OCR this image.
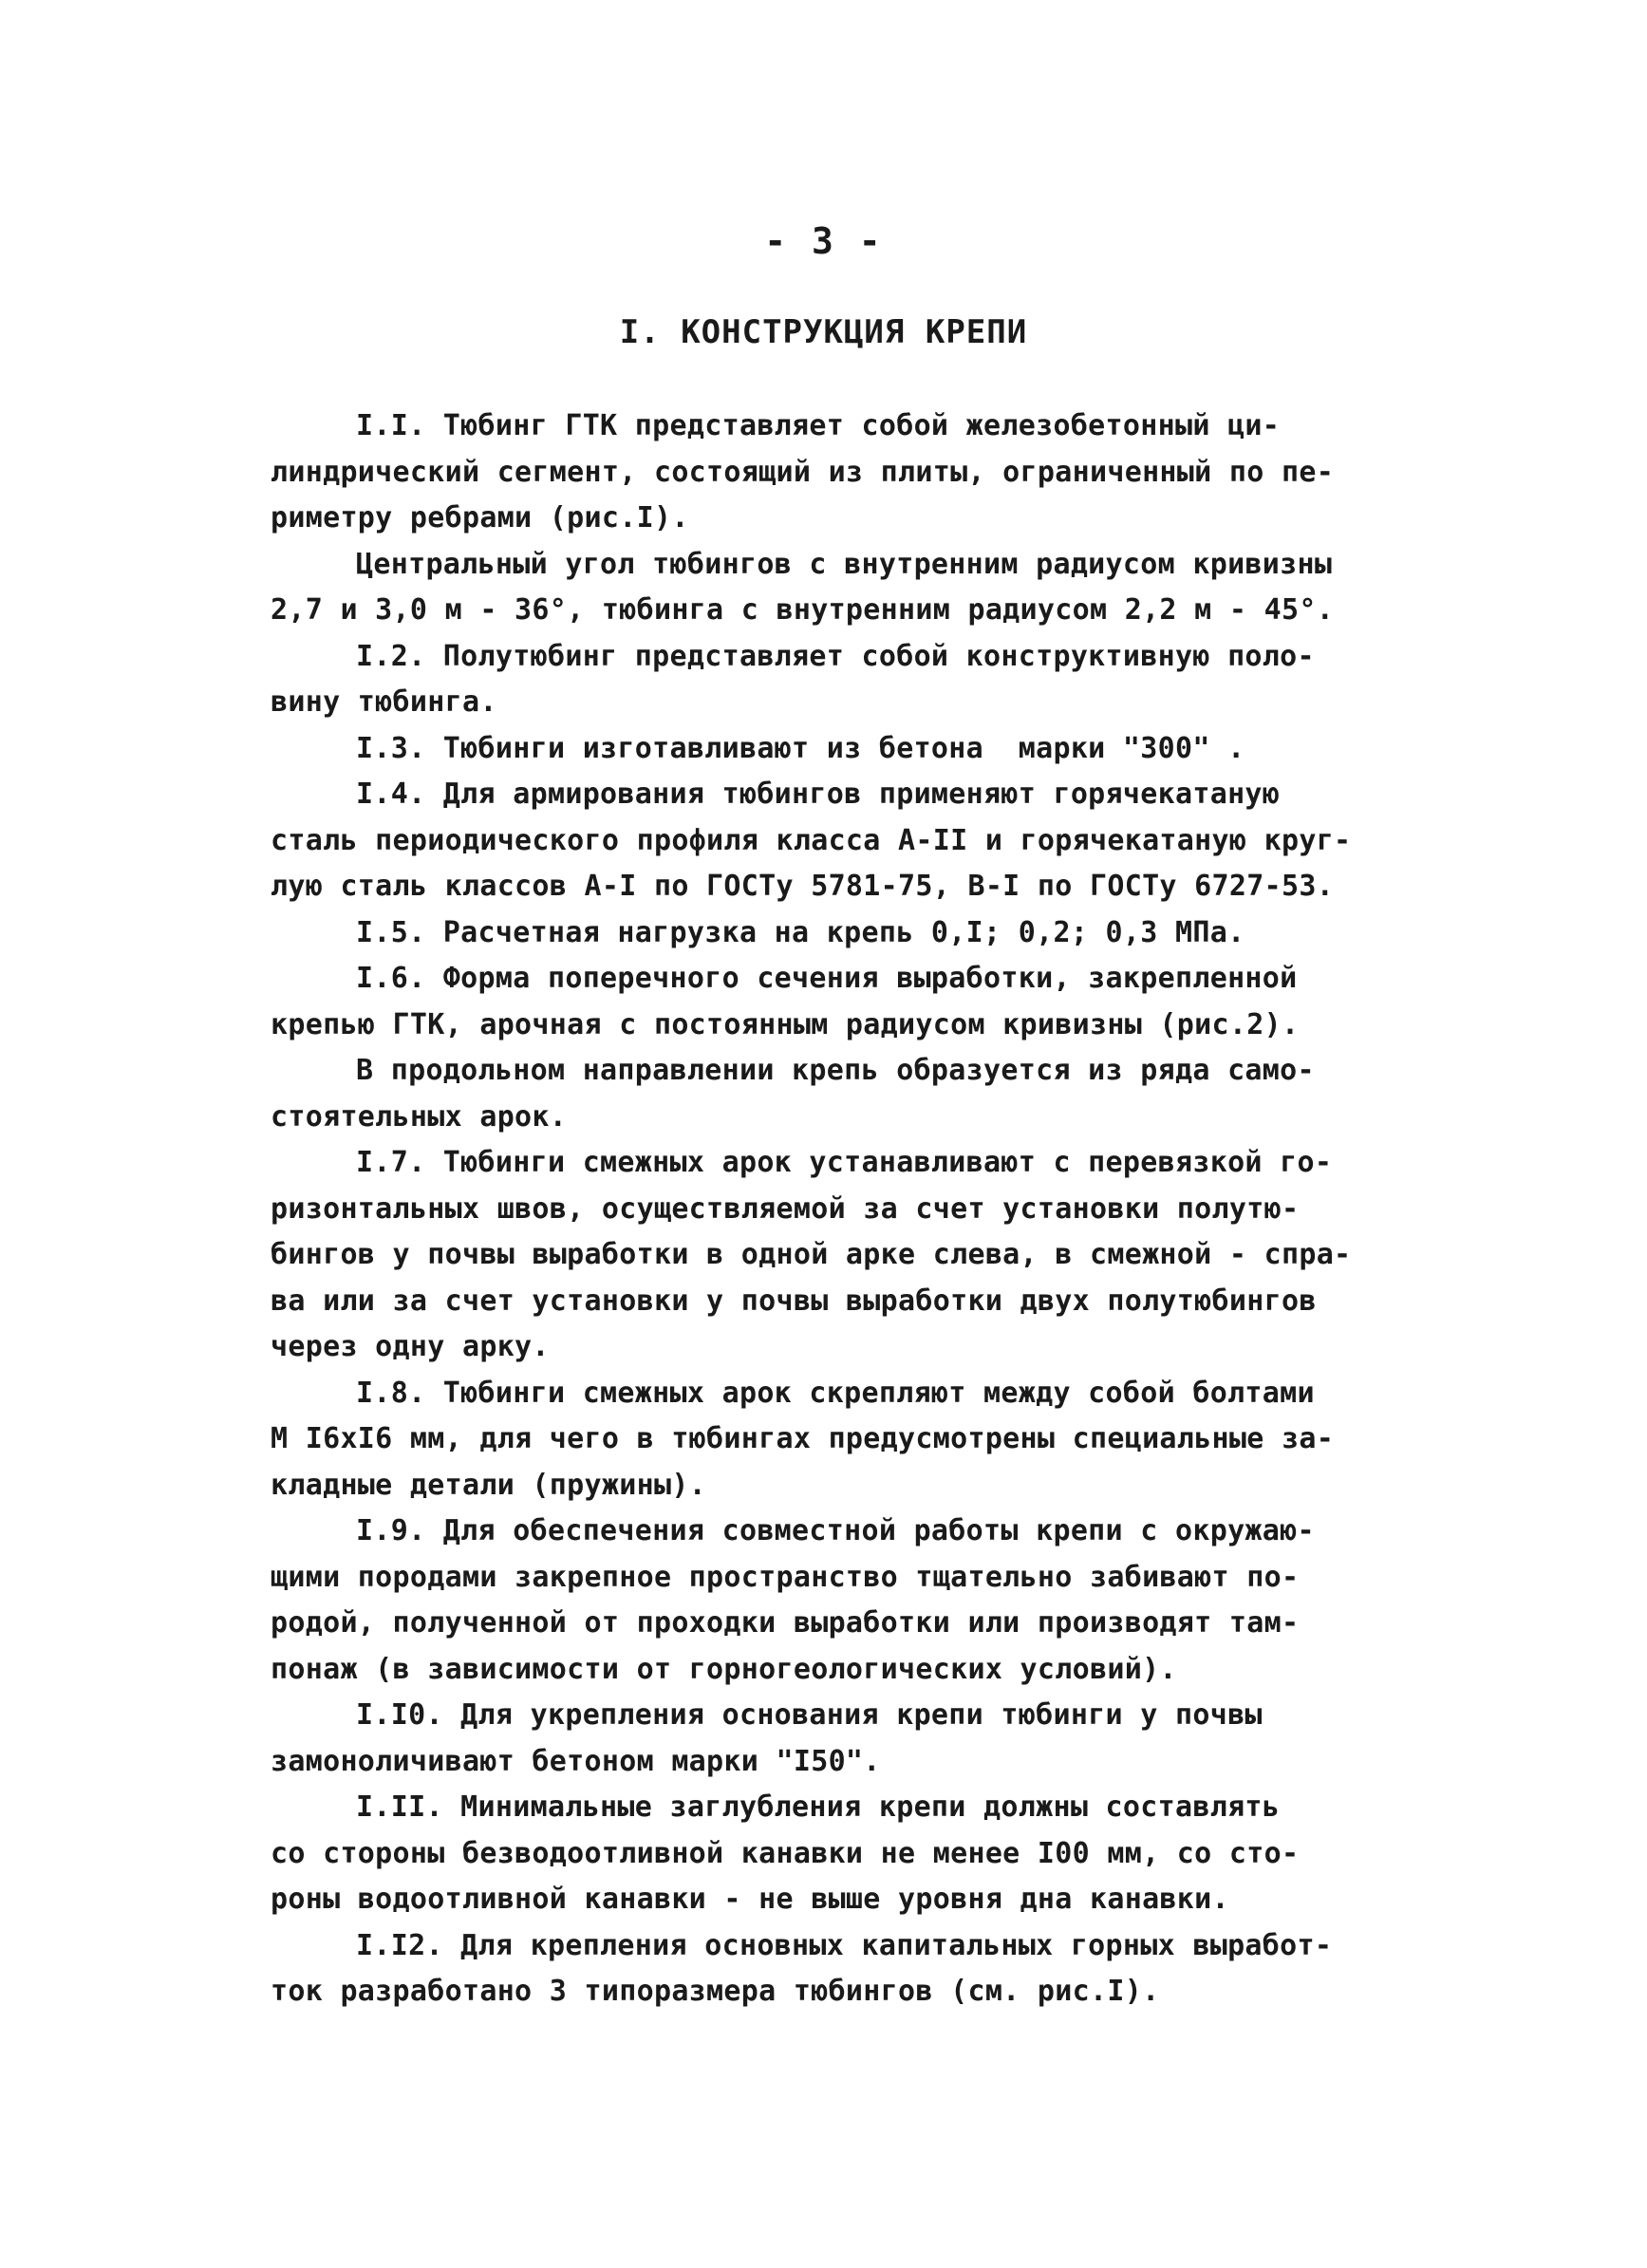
- 3 -
I. КОНСТРУКЦИЯ КРЕПИ
I.I. Тюбинг ГТК представляет собой железобетонный ци-
линдрический сегмент, состоящий из плиты, ограниченный по пе-
риметру ребрами (рис.I).
Центральный угол тюбингов с внутренним радиусом кривизны
2,7 и 3,0 м - 36°, тюбинга с внутренним радиусом 2,2 м - 45°.
I.2. Полутюбинг представляет собой конструктивную поло-
вину тюбинга.
I.3. Тюбинги изготавливают из бетона  марки "300" .
I.4. Для армирования тюбингов применяют горячекатаную
сталь периодического профиля класса А-II и горячекатаную круг-
лую сталь классов А-I по ГОСТу 5781-75, В-I по ГОСТу 6727-53.
I.5. Расчетная нагрузка на крепь 0,I; 0,2; 0,3 МПа.
I.6. Форма поперечного сечения выработки, закрепленной
крепью ГТК, арочная с постоянным радиусом кривизны (рис.2).
В продольном направлении крепь образуется из ряда само-
стоятельных арок.
I.7. Тюбинги смежных арок устанавливают с перевязкой го-
ризонтальных швов, осуществляемой за счет установки полутю-
бингов у почвы выработки в одной арке слева, в смежной - спра-
ва или за счет установки у почвы выработки двух полутюбингов
через одну арку.
I.8. Тюбинги смежных арок скрепляют между собой болтами
М I6хI6 мм, для чего в тюбингах предусмотрены специальные за-
кладные детали (пружины).
I.9. Для обеспечения совместной работы крепи с окружаю-
щими породами закрепное пространство тщательно забивают по-
родой, полученной от проходки выработки или производят там-
понаж (в зависимости от горногеологических условий).
I.I0. Для укрепления основания крепи тюбинги у почвы
замоноличивают бетоном марки "I50".
I.II. Минимальные заглубления крепи должны составлять
со стороны безводоотливной канавки не менее I00 мм, со сто-
роны водоотливной канавки - не выше уровня дна канавки.
I.I2. Для крепления основных капитальных горных выработ-
ток разработано 3 типоразмера тюбингов (см. рис.I).
